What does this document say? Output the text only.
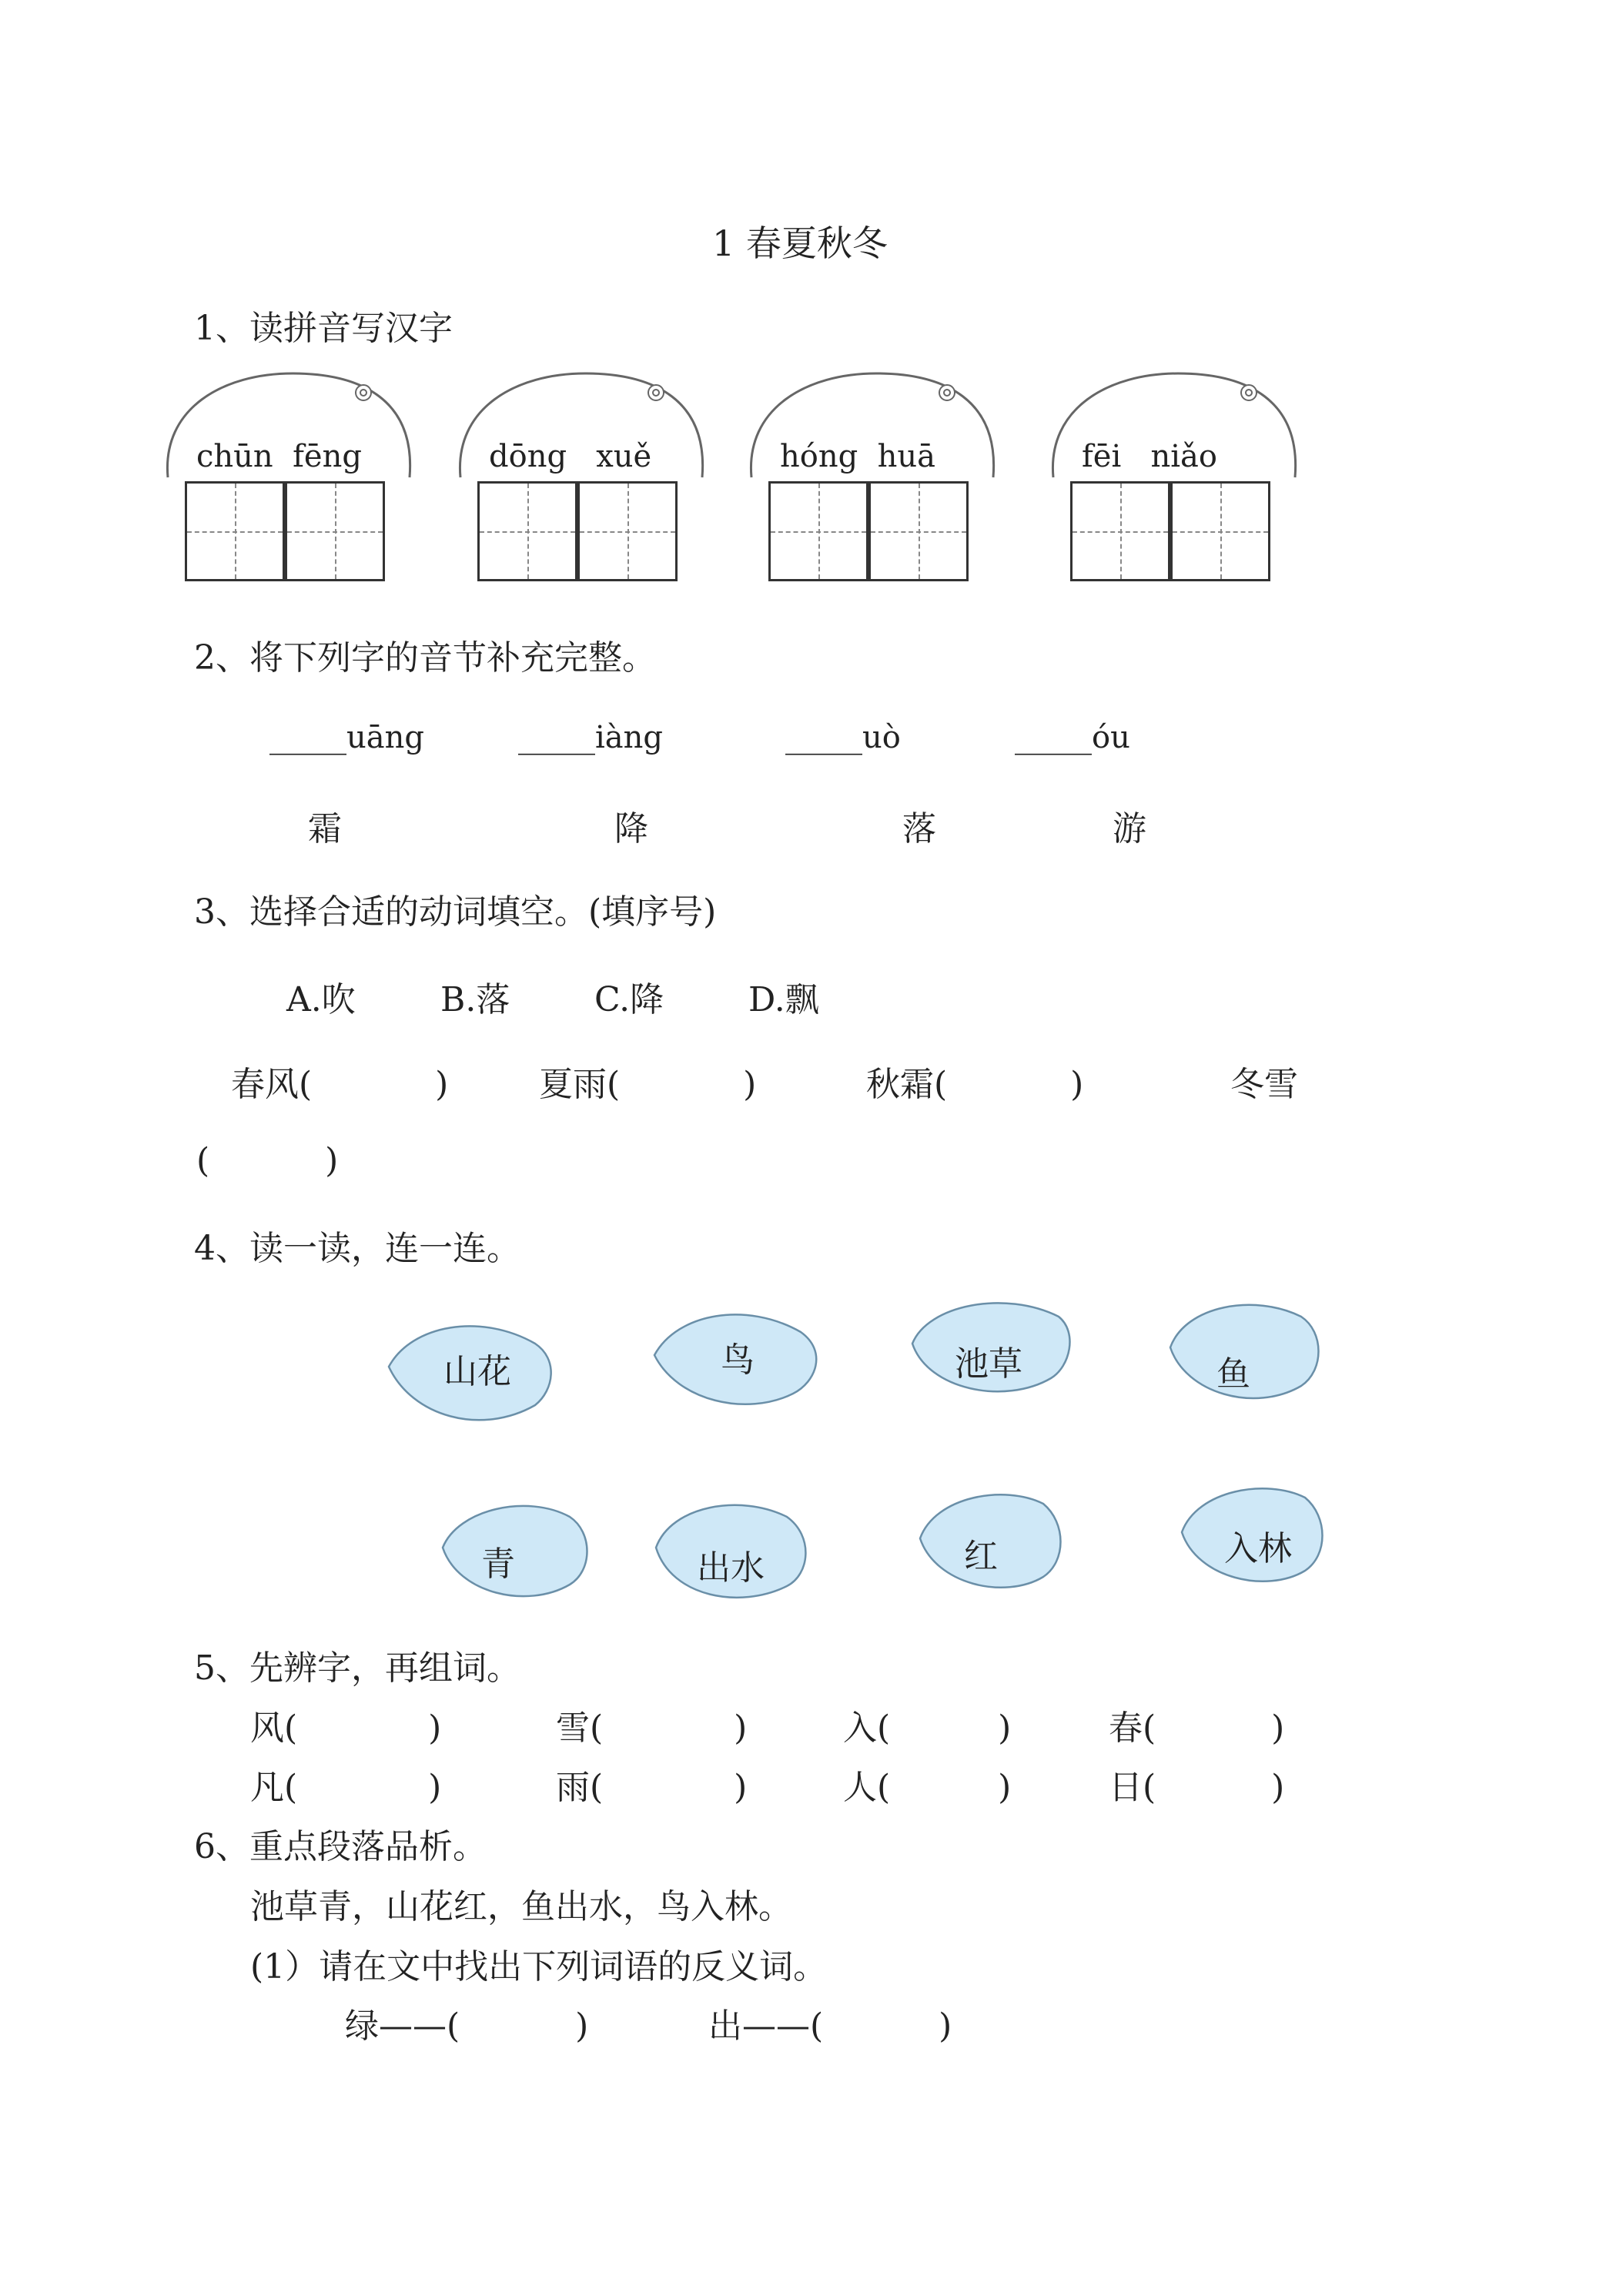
1 春夏秋冬
1、读拼音写汉字
chūn fēng	dōng xuě	hóng huā	fēi niǎo
2、将下列字的音节补充完整。
_____uāng	_____iàng	_____uò	_____óu
霜	降	落	游
3、选择合适的动词填空。(填序号)
A.吹	B.落 C.降 D.飘
春风(	)	夏雨(	)	秋霜(	)	冬雪
(	)
4、读一读，连一连。
山花	鸟	池草	鱼
青	出水	红	入林
5、先辨字，再组词。
风(	)	雪(	)	入(	)	春(	)
凡(	)	雨(	)	人(	)	日(	)
6、重点段落品析。
池草青，山花红，鱼出水，鸟入林。
(1）请在文中找出下列词语的反义词。
绿——(	)	出——(	)
